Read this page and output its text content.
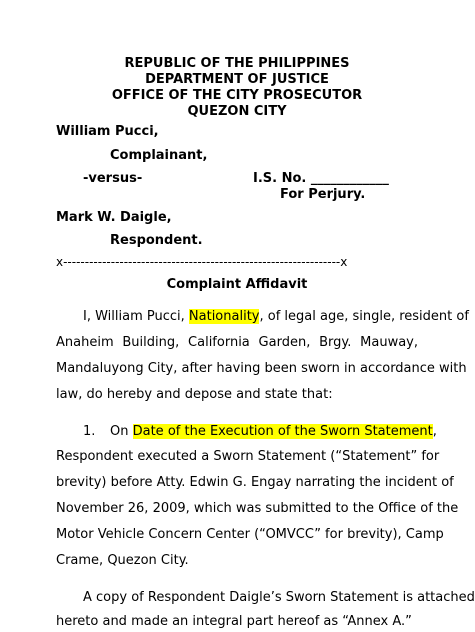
REPUBLIC OF THE PHILIPPINES
DEPARTMENT OF JUSTICE
OFFICE OF THE CITY PROSECUTOR
QUEZON CITY
William Pucci,
Complainant,
-versus-	I.S. No. ____________
For Perjury.
Mark W. Daigle,
Respondent.
x----------------------------------------------------------------x
Complaint Affidavit
I, William Pucci, Nationality, of legal age, single, resident of
Anaheim Building, California Garden, Brgy. Mauway,
Mandaluyong City, after having been sworn in accordance with
law, do hereby and depose and state that:
1. On Date of the Execution of the Sworn Statement,
Respondent executed a Sworn Statement (“Statement” for
brevity) before Atty. Edwin G. Engay narrating the incident of
November 26, 2009, which was submitted to the Office of the
Motor Vehicle Concern Center (“OMVCC” for brevity), Camp
Crame, Quezon City.
A copy of Respondent Daigle’s Sworn Statement is attached
hereto and made an integral part hereof as “Annex A.”
